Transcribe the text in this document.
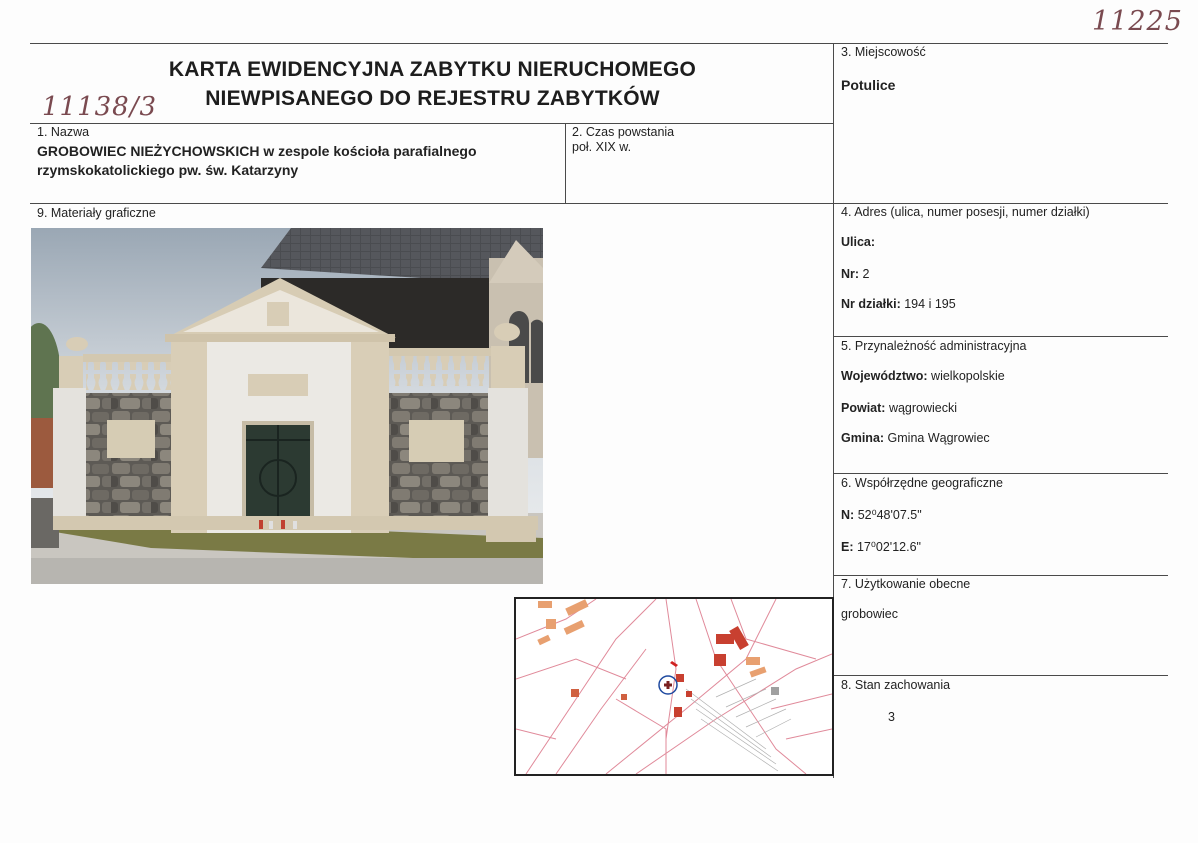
11225
11138/3
KARTA EWIDENCYJNA ZABYTKU NIERUCHOMEGO
NIEWPISANEGO DO REJESTRU ZABYTKÓW
3. Miejscowość
Potulice
1. Nazwa
GROBOWIEC NIEŻYCHOWSKICH w zespole kościoła parafialnego
rzymskokatolickiego pw. św. Katarzyny
2. Czas powstania
poł. XIX w.
9. Materiały graficzne	4. Adres (ulica, numer posesji, numer działki)
Ulica:
Nr: 2
Nr działki: 194 i 195
5. Przynależność administracyjna
Województwo: wielkopolskie
Powiat: wągrowiecki
Gmina: Gmina Wągrowiec
6. Współrzędne geograficzne
N: 52⁰48'07.5"
E: 17⁰02'12.6"
7. Użytkowanie obecne
grobowiec
8. Stan zachowania
3
